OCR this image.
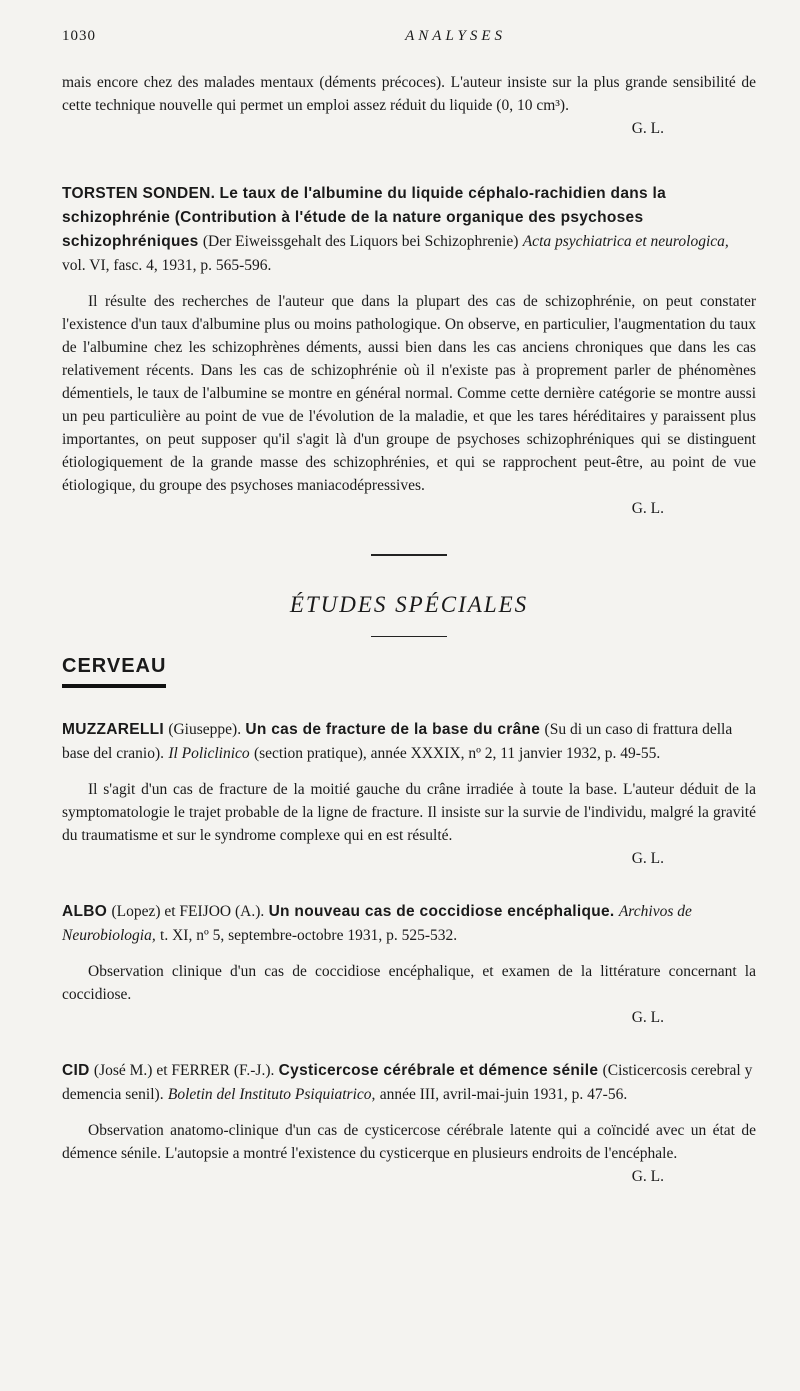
1030	ANALYSES

mais encore chez des malades mentaux (déments précoces). L'auteur insiste sur la plus grande sensibilité de cette technique nouvelle qui permet un emploi assez réduit du liquide (0, 10 cm³).

G. L.
TORSTEN SONDEN. Le taux de l'albumine du liquide céphalo-rachidien dans la schizophrénie (Contribution à l'étude de la nature organique des psychoses schizophréniques (Der Eiweissgehalt des Liquors bei Schizophrenie) Acta psychiatrica et neurologica, vol. VI, fasc. 4, 1931, p. 565-596.

Il résulte des recherches de l'auteur que dans la plupart des cas de schizophrénie, on peut constater l'existence d'un taux d'albumine plus ou moins pathologique. On observe, en particulier, l'augmentation du taux de l'albumine chez les schizophrènes déments, aussi bien dans les cas anciens chroniques que dans les cas relativement récents. Dans les cas de schizophrénie où il n'existe pas à proprement parler de phénomènes démentiels, le taux de l'albumine se montre en général normal. Comme cette dernière catégorie se montre aussi un peu particulière au point de vue de l'évolution de la maladie, et que les tares héréditaires y paraissent plus importantes, on peut supposer qu'il s'agit là d'un groupe de psychoses schizophréniques qui se distinguent étiologiquement de la grande masse des schizophrénies, et qui se rapprochent peut-être, au point de vue étiologique, du groupe des psychoses maniacodépressives.

G. L.
ÉTUDES SPÉCIALES
CERVEAU
MUZZARELLI (Giuseppe). Un cas de fracture de la base du crâne (Su di un caso di frattura della base del cranio). Il Policlinico (section pratique), année XXXIX, nº 2, 11 janvier 1932, p. 49-55.

Il s'agit d'un cas de fracture de la moitié gauche du crâne irradiée à toute la base. L'auteur déduit de la symptomatologie le trajet probable de la ligne de fracture. Il insiste sur la survie de l'individu, malgré la gravité du traumatisme et sur le syndrome complexe qui en est résulté.

G. L.
ALBO (Lopez) et FEIJOO (A.). Un nouveau cas de coccidiose encéphalique. Archivos de Neurobiologia, t. XI, nº 5, septembre-octobre 1931, p. 525-532.

Observation clinique d'un cas de coccidiose encéphalique, et examen de la littérature concernant la coccidiose.

G. L.
CID (José M.) et FERRER (F.-J.). Cysticercose cérébrale et démence sénile (Cisticercosis cerebral y demencia senil). Boletin del Instituto Psiquiatrico, année III, avril-mai-juin 1931, p. 47-56.

Observation anatomo-clinique d'un cas de cysticercose cérébrale latente qui a coïncidé avec un état de démence sénile. L'autopsie a montré l'existence du cysticerque en plusieurs endroits de l'encéphale.

G. L.
